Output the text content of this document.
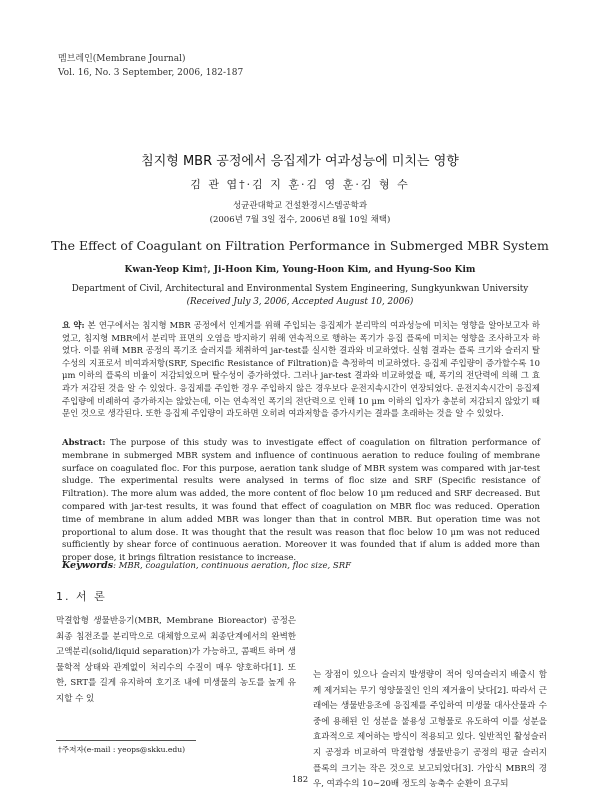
멤브레인(Membrane Journal)
Vol. 16, No. 3 September, 2006, 182-187
침지형 MBR 공정에서 응집제가 여과성능에 미치는 영향
김 관 엽†·김 지 훈·김 영 훈·김 형 수
성균관대학교 건설환경시스템공학과
(2006년 7월 3일 접수, 2006년 8월 10일 채택)
The Effect of Coagulant on Filtration Performance in Submerged MBR System
Kwan-Yeop Kim†, Ji-Hoon Kim, Young-Hoon Kim, and Hyung-Soo Kim
Department of Civil, Architectural and Environmental System Engineering, Sungkyunkwan University
(Received July 3, 2006, Accepted August 10, 2006)
요 약: 본 연구에서는 침지형 MBR 공정에서 인계거를 위해 주입되는 응집제가 분리막의 여과성능에 미치는 영향을 알아보고자 하였고, 침지형 MBR에서 분리막 표면의 오염을 방지하기 위해 연속적으로 행하는 폭기가 응집 플록에 미치는 영향을 조사하고자 하였다. 이를 위해 MBR 공정의 폭기조 슬러지를 채취하여 jar-test를 실시한 결과와 비교하였다. 실험 결과는 플록 크기와 슬러지 탈수성의 지표로서 비여과저항(SRF, Specific Resistance of Filtration)을 측정하여 비교하였다. 응집제 주입량이 증가할수록 10 μm 이하의 플록의 비율이 저감되었으며 탈수성이 증가하였다. 그러나 jar-test 결과와 비교하였을 때, 폭기의 전단력에 의해 그 효과가 저감된 것을 알 수 있었다. 응집제를 주입한 경우 주입하지 않은 경우보다 운전지속시간이 연장되었다. 운전지속시간이 응집제 주입량에 비례하여 증가하지는 않았는데, 이는 연속적인 폭기의 전단력으로 인해 10 μm 이하의 입자가 충분히 저감되지 않았기 때문인 것으로 생각된다. 또한 응집제 주입량이 과도하면 오히려 여과저항을 증가시키는 결과를 초래하는 것을 알 수 있었다.
Abstract: The purpose of this study was to investigate effect of coagulation on filtration performance of membrane in submerged MBR system and influence of continuous aeration to reduce fouling of membrane surface on coagulated floc. For this purpose, aeration tank sludge of MBR system was compared with jar-test sludge. The experimental results were analysed in terms of floc size and SRF (Specific resistance of Filtration). The more alum was added, the more content of floc below 10 μm reduced and SRF decreased. But compared with jar-test results, it was found that effect of coagulation on MBR floc was reduced. Operation time of membrane in alum added MBR was longer than that in control MBR. But operation time was not proportional to alum dose. It was thought that the result was reason that floc below 10 μm was not reduced sufficiently by shear force of continuous aeration. Moreover it was founded that if alum is added more than proper dose, it brings filtration resistance to increase.
Keywords: MBR, coagulation, continuous aeration, floc size, SRF
1. 서 론
막결합형 생물반응기(MBR, Membrane Bioreactor) 공정은 최종 침전조를 분리막으로 대체함으로써 최종단계에서의 완벽한 고액분리(solid/liquid separation)가 가능하고, 콤팩트 하며 생물학적 상태와 관계없이 처리수의 수질이 매우 양호하다[1]. 또한, SRT를 길게 유지하여 호기조 내에 미생물의 농도를 높게 유지할 수 있
는 장점이 있으나 슬러지 발생량이 적어 잉여슬러지 배출시 함께 제거되는 무기 영양물질인 인의 제거율이 낮다[2]. 따라서 근래에는 생물반응조에 응집제를 주입하여 미생물 대사산물과 수중에 용해된 인 성분을 불용성 고형물로 유도하여 이를 성분을 효과적으로 제어하는 방식이 적용되고 있다. 일반적인 활성슬러지 공정과 비교하여 막결합형 생물반응기 공정의 평균 슬러지 플록의 크기는 작은 것으로 보고되었다[3]. 가압식 MBR의 경우, 여과수의 10∼20배 정도의 농축수 순환이 요구되
†주저자(e-mail : yeops@skku.edu)
182
